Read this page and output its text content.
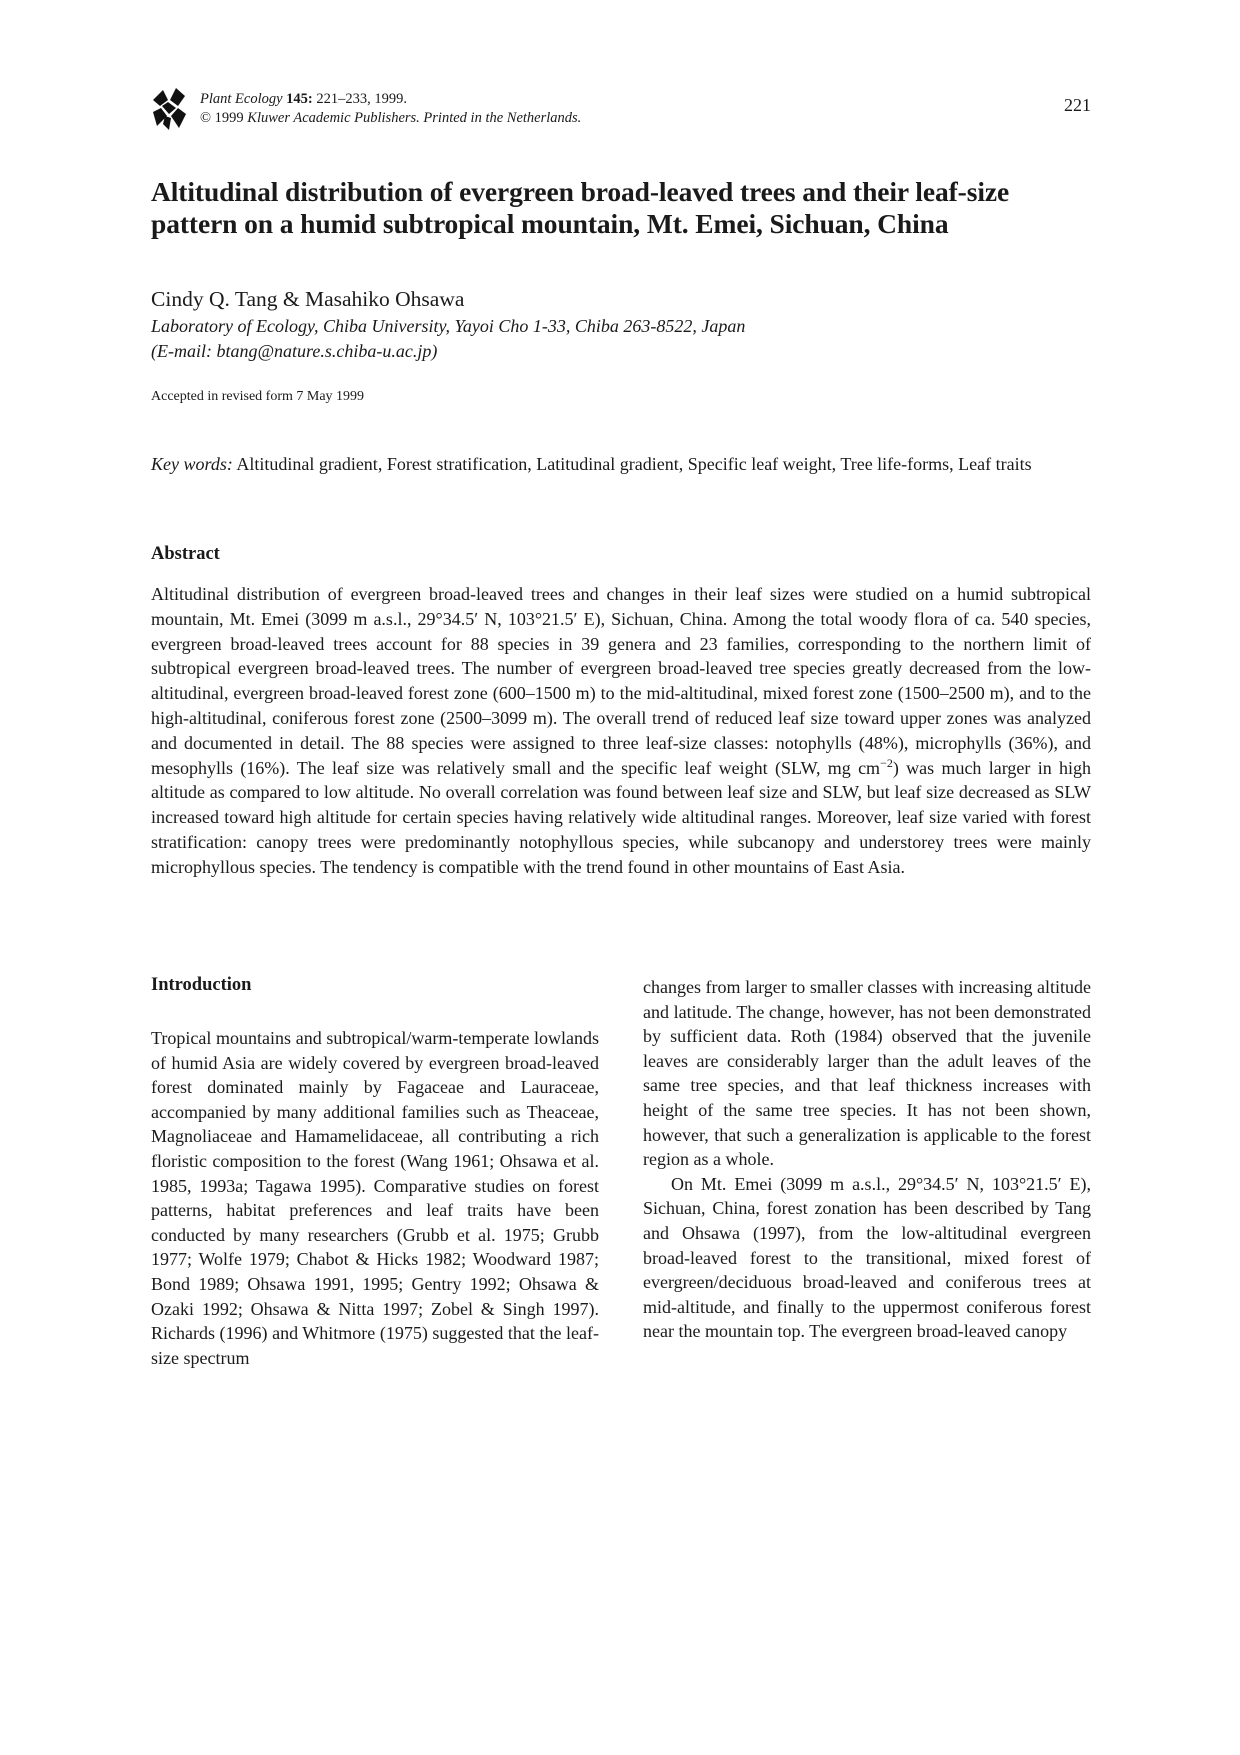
Plant Ecology 145: 221–233, 1999.
© 1999 Kluwer Academic Publishers. Printed in the Netherlands.
221
Altitudinal distribution of evergreen broad-leaved trees and their leaf-size pattern on a humid subtropical mountain, Mt. Emei, Sichuan, China
Cindy Q. Tang & Masahiko Ohsawa
Laboratory of Ecology, Chiba University, Yayoi Cho 1-33, Chiba 263-8522, Japan
(E-mail: btang@nature.s.chiba-u.ac.jp)
Accepted in revised form 7 May 1999
Key words: Altitudinal gradient, Forest stratification, Latitudinal gradient, Specific leaf weight, Tree life-forms, Leaf traits
Abstract

Altitudinal distribution of evergreen broad-leaved trees and changes in their leaf sizes were studied on a humid subtropical mountain, Mt. Emei (3099 m a.s.l., 29°34.5′ N, 103°21.5′ E), Sichuan, China. Among the total woody flora of ca. 540 species, evergreen broad-leaved trees account for 88 species in 39 genera and 23 families, corresponding to the northern limit of subtropical evergreen broad-leaved trees. The number of evergreen broad-leaved tree species greatly decreased from the low-altitudinal, evergreen broad-leaved forest zone (600–1500 m) to the mid-altitudinal, mixed forest zone (1500–2500 m), and to the high-altitudinal, coniferous forest zone (2500–3099 m). The overall trend of reduced leaf size toward upper zones was analyzed and documented in detail. The 88 species were assigned to three leaf-size classes: notophylls (48%), microphylls (36%), and mesophylls (16%). The leaf size was relatively small and the specific leaf weight (SLW, mg $cm^{-2}$) was much larger in high altitude as compared to low altitude. No overall correlation was found between leaf size and SLW, but leaf size decreased as SLW increased toward high altitude for certain species having relatively wide altitudinal ranges. Moreover, leaf size varied with forest stratification: canopy trees were predominantly notophyllous species, while subcanopy and understorey trees were mainly microphyllous species. The tendency is compatible with the trend found in other mountains of East Asia.

Introduction

Tropical mountains and subtropical/warm-temperate lowlands of humid Asia are widely covered by evergreen broad-leaved forest dominated mainly by Fagaceae and Lauraceae, accompanied by many additional families such as Theaceae, Magnoliaceae and Hamamelidaceae, all contributing a rich floristic composition to the forest (Wang 1961; Ohsawa et al. 1985, 1993a; Tagawa 1995). Comparative studies on forest patterns, habitat preferences and leaf traits have been conducted by many researchers (Grubb et al. 1975; Grubb 1977; Wolfe 1979; Chabot & Hicks 1982; Woodward 1987; Bond 1989; Ohsawa 1991, 1995; Gentry 1992; Ohsawa & Ozaki 1992; Ohsawa & Nitta 1997; Zobel & Singh 1997). Richards (1996) and Whitmore (1975) suggested that the leaf-size spectrum

changes from larger to smaller classes with increasing altitude and latitude. The change, however, has not been demonstrated by sufficient data. Roth (1984) observed that the juvenile leaves are considerably larger than the adult leaves of the same tree species, and that leaf thickness increases with height of the same tree species. It has not been shown, however, that such a generalization is applicable to the forest region as a whole.

On Mt. Emei (3099 m a.s.l., 29°34.5′ N, 103°21.5′ E), Sichuan, China, forest zonation has been described by Tang and Ohsawa (1997), from the low-altitudinal evergreen broad-leaved forest to the transitional, mixed forest of evergreen/deciduous broad-leaved and coniferous trees at mid-altitude, and finally to the uppermost coniferous forest near the mountain top. The evergreen broad-leaved canopy
